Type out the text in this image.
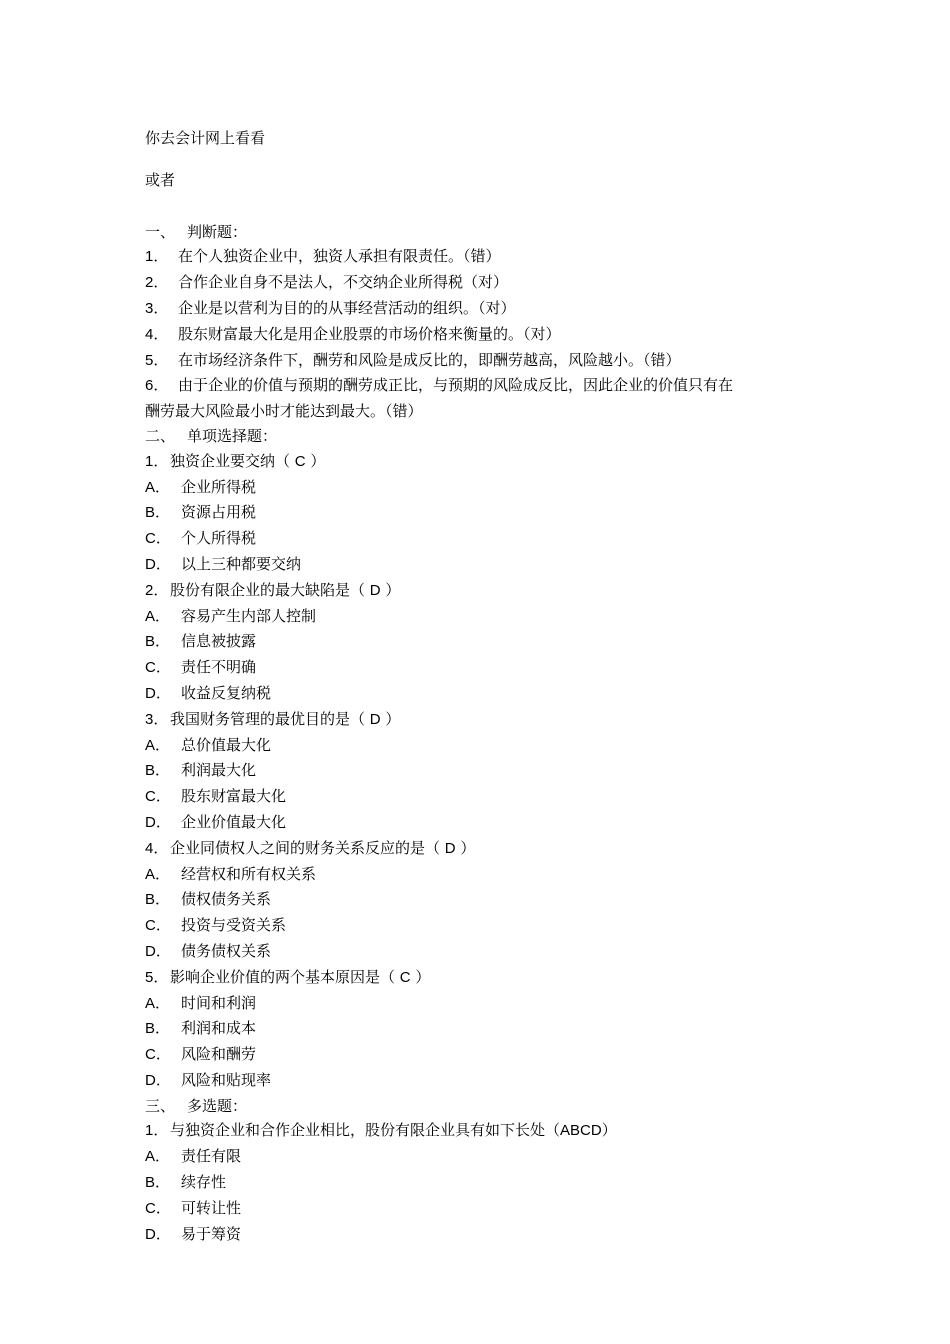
你去会计网上看看
或者
一、 判断题：
1． 在个人独资企业中，独资人承担有限责任。（错）
2． 合作企业自身不是法人，不交纳企业所得税（对）
3． 企业是以营利为目的的从事经营活动的组织。（对）
4． 股东财富最大化是用企业股票的市场价格来衡量的。（对）
5． 在市场经济条件下，酬劳和风险是成反比的，即酬劳越高，风险越小。（错）
6． 由于企业的价值与预期的酬劳成正比，与预期的风险成反比，因此企业的价值只有在
酬劳最大风险最小时才能达到最大。（错）
二、 单项选择题：
1． 独资企业要交纳（ C ）
A． 企业所得税
B． 资源占用税
C． 个人所得税
D． 以上三种都要交纳
2． 股份有限企业的最大缺陷是（ D ）
A． 容易产生内部人控制
B． 信息被披露
C． 责任不明确
D． 收益反复纳税
3． 我国财务管理的最优目的是（ D ）
A． 总价值最大化
B． 利润最大化
C． 股东财富最大化
D． 企业价值最大化
4． 企业同债权人之间的财务关系反应的是（ D ）
A． 经营权和所有权关系
B． 债权债务关系
C． 投资与受资关系
D． 债务债权关系
5． 影响企业价值的两个基本原因是（ C ）
A． 时间和利润
B． 利润和成本
C． 风险和酬劳
D． 风险和贴现率
三、 多选题：
1． 与独资企业和合作企业相比，股份有限企业具有如下长处（ABCD）
A． 责任有限
B． 续存性
C． 可转让性
D． 易于筹资
